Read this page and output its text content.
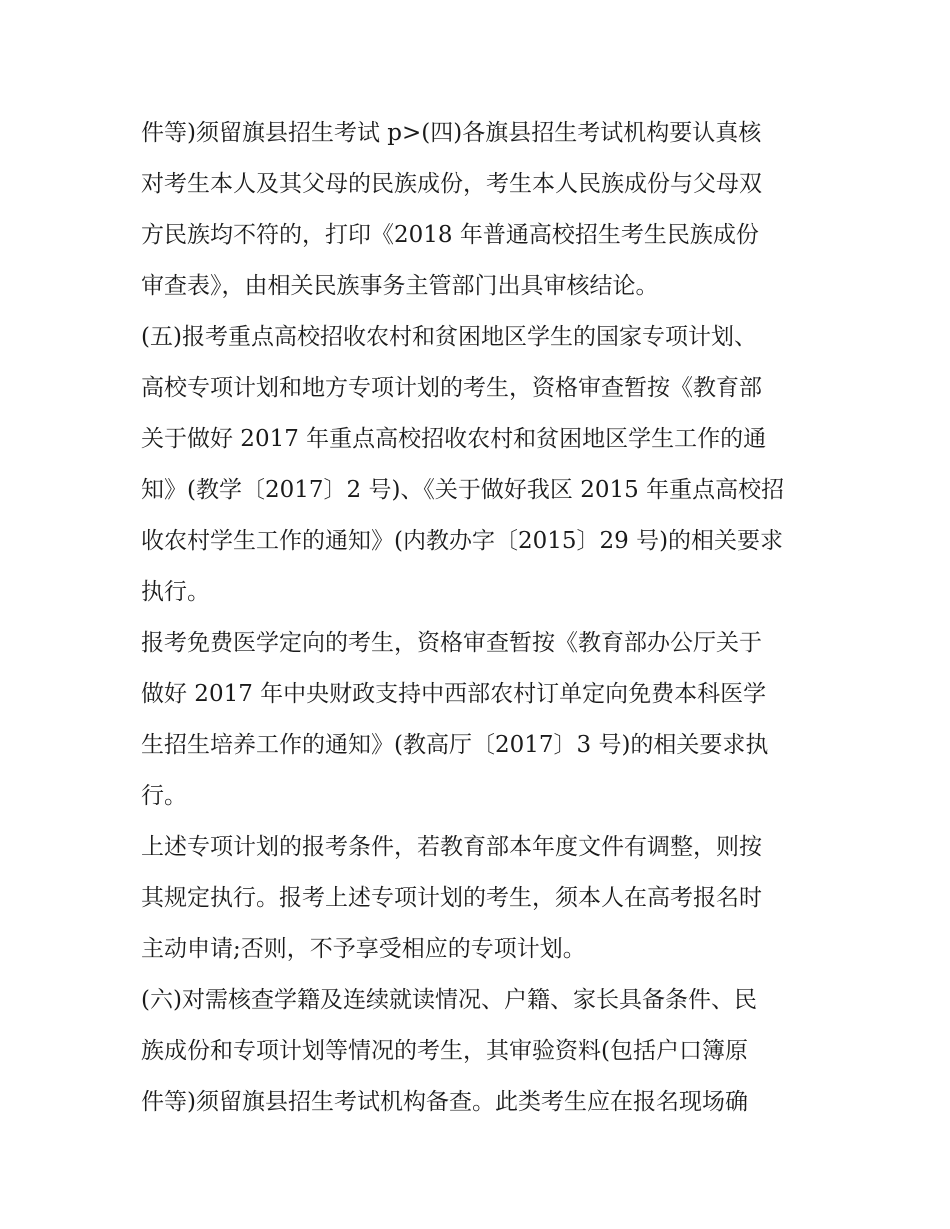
件等)须留旗县招生考试 p>(四)各旗县招生考试机构要认真核
对考生本人及其父母的民族成份，考生本人民族成份与父母双
方民族均不符的，打印《2018 年普通高校招生考生民族成份
审查表》，由相关民族事务主管部门出具审核结论。
(五)报考重点高校招收农村和贫困地区学生的国家专项计划、
高校专项计划和地方专项计划的考生，资格审查暂按《教育部
关于做好 2017 年重点高校招收农村和贫困地区学生工作的通
知》(教学〔2017〕2 号)、《关于做好我区 2015 年重点高校招
收农村学生工作的通知》(内教办字〔2015〕29 号)的相关要求
执行。
报考免费医学定向的考生，资格审查暂按《教育部办公厅关于
做好 2017 年中央财政支持中西部农村订单定向免费本科医学
生招生培养工作的通知》(教高厅〔2017〕3 号)的相关要求执
行。
上述专项计划的报考条件，若教育部本年度文件有调整，则按
其规定执行。报考上述专项计划的考生，须本人在高考报名时
主动申请;否则，不予享受相应的专项计划。
(六)对需核查学籍及连续就读情况、户籍、家长具备条件、民
族成份和专项计划等情况的考生，其审验资料(包括户口簿原
件等)须留旗县招生考试机构备查。此类考生应在报名现场确
